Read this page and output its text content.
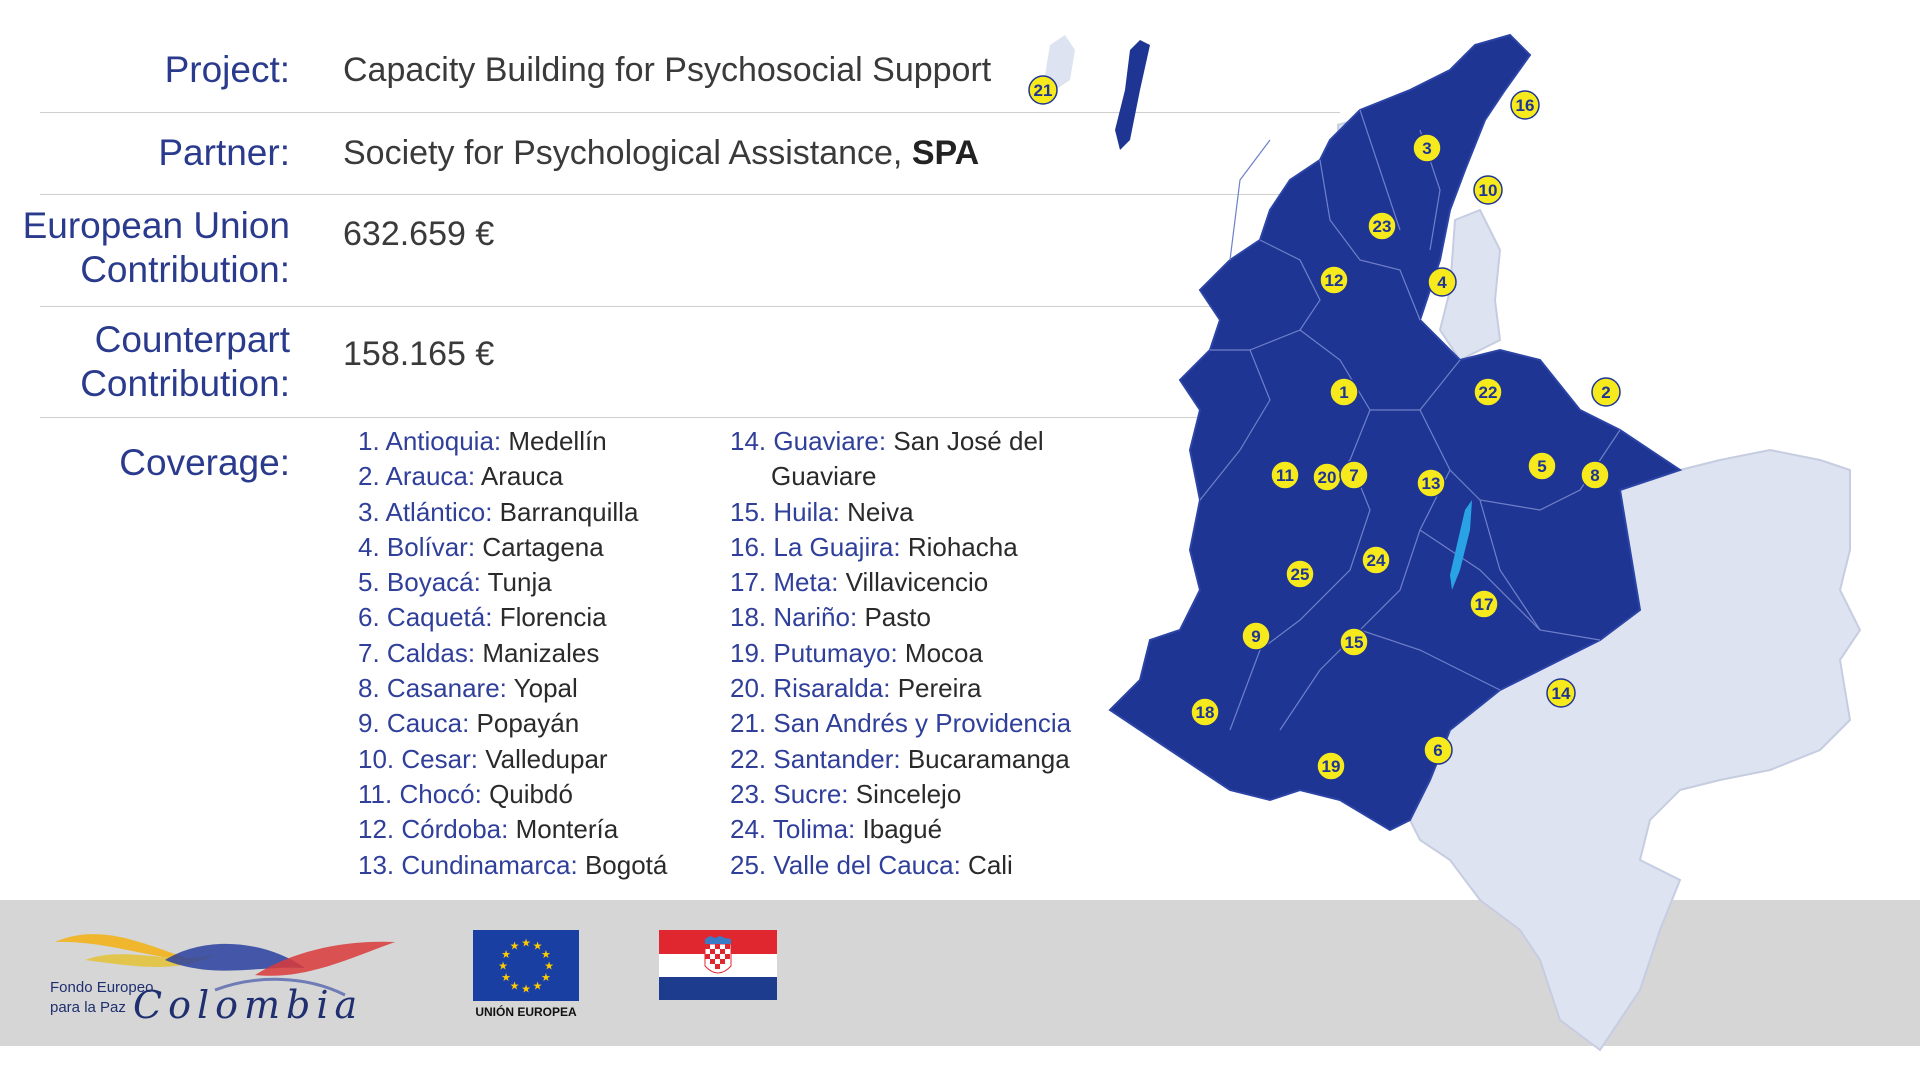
Project: Capacity Building for Psychosocial Support
Partner: Society for Psychological Assistance, SPA
European Union
Contribution:
632.659 €
Counterpart
Contribution:
158.165 €
Coverage:
1. Antioquia: Medellín
2. Arauca: Arauca
3. Atlántico: Barranquilla
4. Bolívar: Cartagena
5. Boyacá: Tunja
6. Caquetá: Florencia
7. Caldas: Manizales
8. Casanare: Yopal
9. Cauca: Popayán
10. Cesar: Valledupar
11. Chocó: Quibdó
12. Córdoba: Montería
13. Cundinamarca: Bogotá
14. Guaviare: San José del Guaviare
15. Huila: Neiva
16. La Guajira: Riohacha
17. Meta: Villavicencio
18. Nariño: Pasto
19. Putumayo: Mocoa
20. Risaralda: Pereira
21. San Andrés y Providencia
22. Santander: Bucaramanga
23. Sucre: Sincelejo
24. Tolima: Ibagué
25. Valle del Cauca: Cali
Fondo Europeo
para la Paz Colombia
★ ★
★
★
★
★
★
★
★
★
★
★
UNIÓN EUROPEA
21
16
3
10
23
12	4
1	22	2
11 20 7	5
13	8
24
25
17
9	15
14
18
6
19
